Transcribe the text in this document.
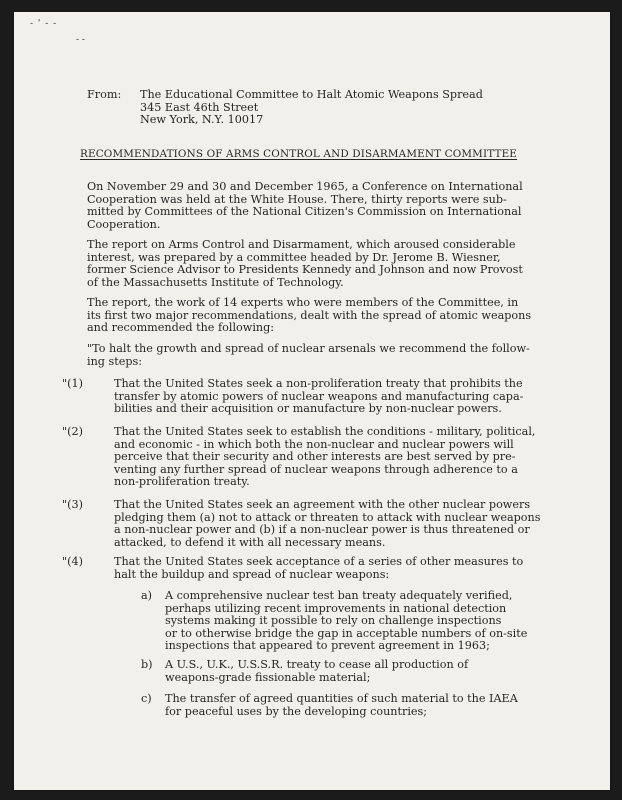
- ' - -
- -
From: The Educational Committee to Halt Atomic Weapons Spread
345 East 46th Street
New York, N.Y. 10017
RECOMMENDATIONS OF ARMS CONTROL AND DISARMAMENT COMMITTEE
On November 29 and 30 and December 1965, a Conference on International
Cooperation was held at the White House. There, thirty reports were sub-
mitted by Committees of the National Citizen's Commission on International
Cooperation.
The report on Arms Control and Disarmament, which aroused considerable
interest, was prepared by a committee headed by Dr. Jerome B. Wiesner,
former Science Advisor to Presidents Kennedy and Johnson and now Provost
of the Massachusetts Institute of Technology.
The report, the work of 14 experts who were members of the Committee, in
its first two major recommendations, dealt with the spread of atomic weapons
and recommended the following:
"To halt the growth and spread of nuclear arsenals we recommend the follow-
ing steps:
"(1)	That the United States seek a non-proliferation treaty that prohibits the
transfer by atomic powers of nuclear weapons and manufacturing capa-
bilities and their acquisition or manufacture by non-nuclear powers.
"(2)	That the United States seek to establish the conditions - military, political,
and economic - in which both the non-nuclear and nuclear powers will
perceive that their security and other interests are best served by pre-
venting any further spread of nuclear weapons through adherence to a
non-proliferation treaty.
"(3)	That the United States seek an agreement with the other nuclear powers
pledging them (a) not to attack or threaten to attack with nuclear weapons
a non-nuclear power and (b) if a non-nuclear power is thus threatened or
attacked, to defend it with all necessary means.
"(4)	That the United States seek acceptance of a series of other measures to
halt the buildup and spread of nuclear weapons:
a) A comprehensive nuclear test ban treaty adequately verified,
perhaps utilizing recent improvements in national detection
systems making it possible to rely on challenge inspections
or to otherwise bridge the gap in acceptable numbers of on-site
inspections that appeared to prevent agreement in 1963;
b) A U.S., U.K., U.S.S.R. treaty to cease all production of
weapons-grade fissionable material;
c) The transfer of agreed quantities of such material to the IAEA
for peaceful uses by the developing countries;
